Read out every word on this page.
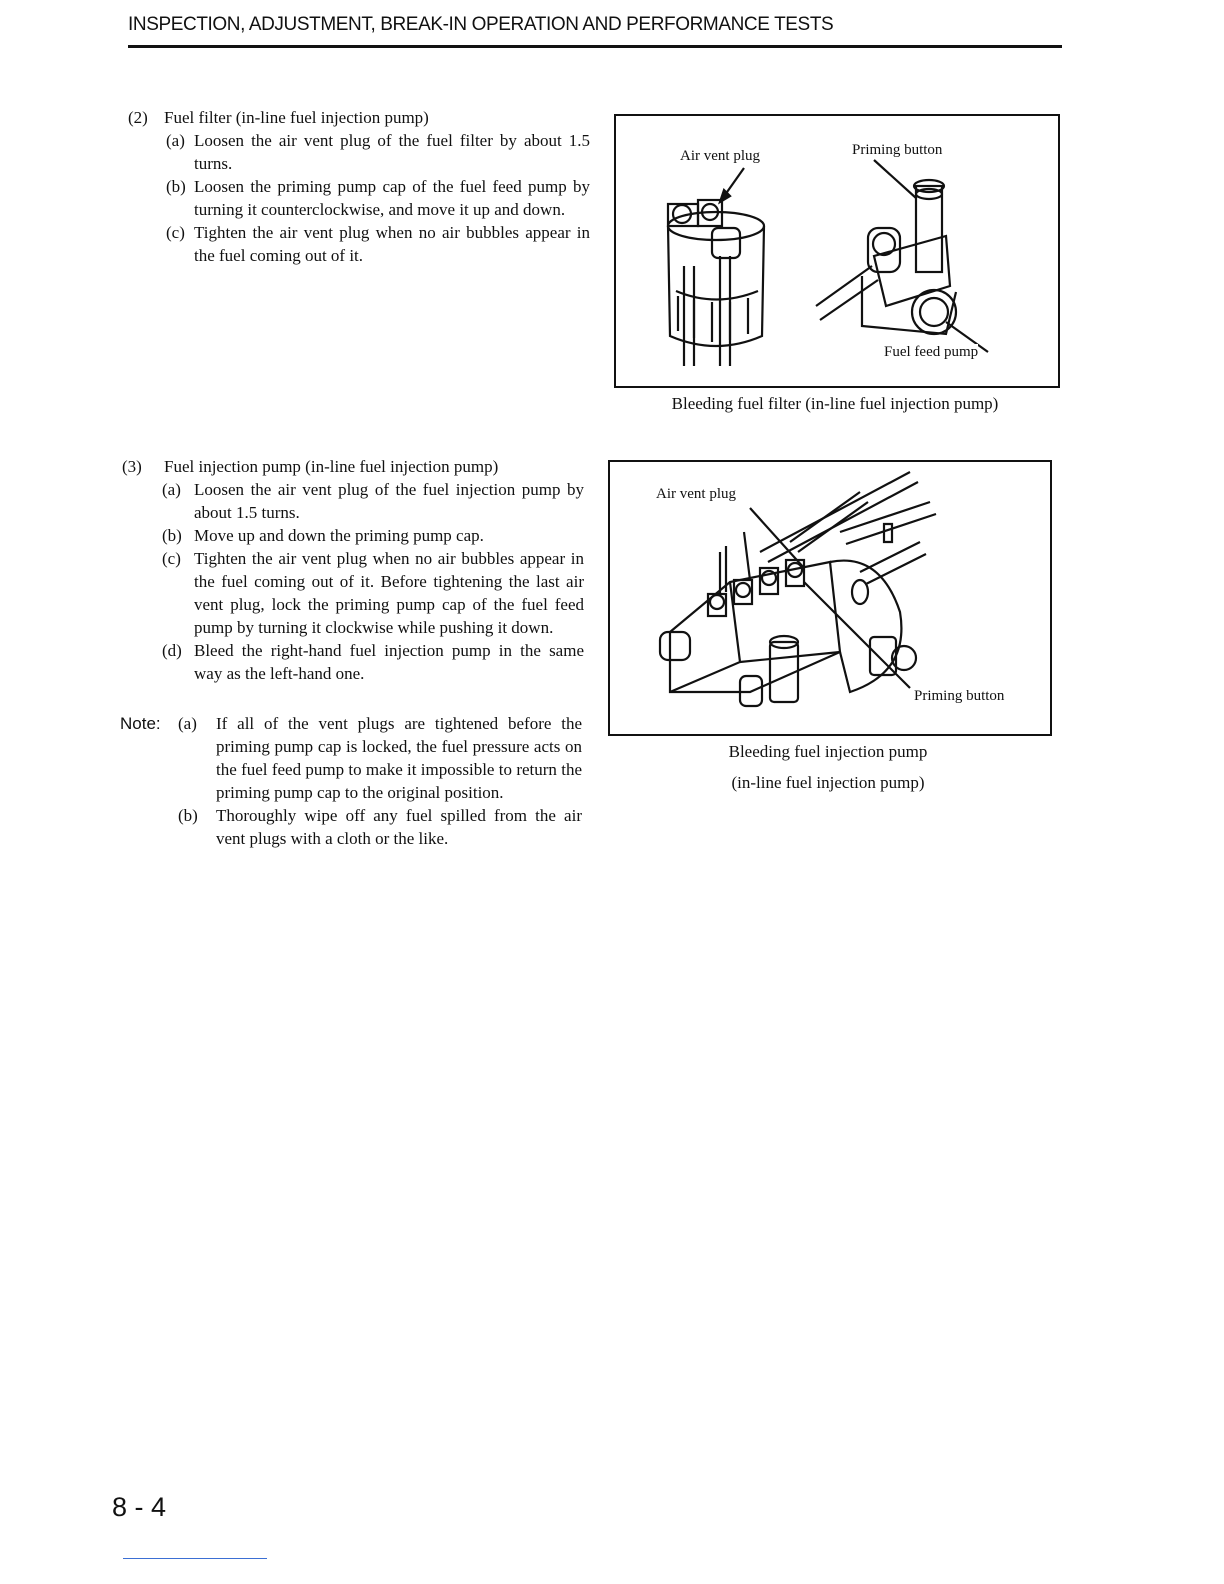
INSPECTION, ADJUSTMENT, BREAK-IN OPERATION AND PERFORMANCE TESTS
(2) Fuel filter (in-line fuel injection pump)
(a) Loosen the air vent plug of the fuel filter by about 1.5 turns.
(b) Loosen the priming pump cap of the fuel feed pump by turning it counterclockwise, and move it up and down.
(c) Tighten the air vent plug when no air bubbles appear in the fuel coming out of it.
Air vent plug	Priming button
Fuel feed pump
Bleeding fuel filter (in-line fuel injection pump)
(3)	Fuel injection pump (in-line fuel injection pump)
(a) Loosen the air vent plug of the fuel injection pump by about 1.5 turns.
(b) Move up and down the priming pump cap.
(c) Tighten the air vent plug when no air bubbles appear in the fuel coming out of it. Before tightening the last air vent plug, lock the priming pump cap of the fuel feed pump by turning it clockwise while pushing it down.
(d) Bleed the right-hand fuel injection pump in the same way as the left-hand one.
Note:	(a)	If all of the vent plugs are tightened before the priming pump cap is locked, the fuel pressure acts on the fuel feed pump to make it impossible to return the priming pump cap to the original position.
(b)	Thoroughly wipe off any fuel spilled from the air vent plugs with a cloth or the like.
Air vent plug
Priming button
Bleeding fuel injection pump
(in-line fuel injection pump)
8 - 4
